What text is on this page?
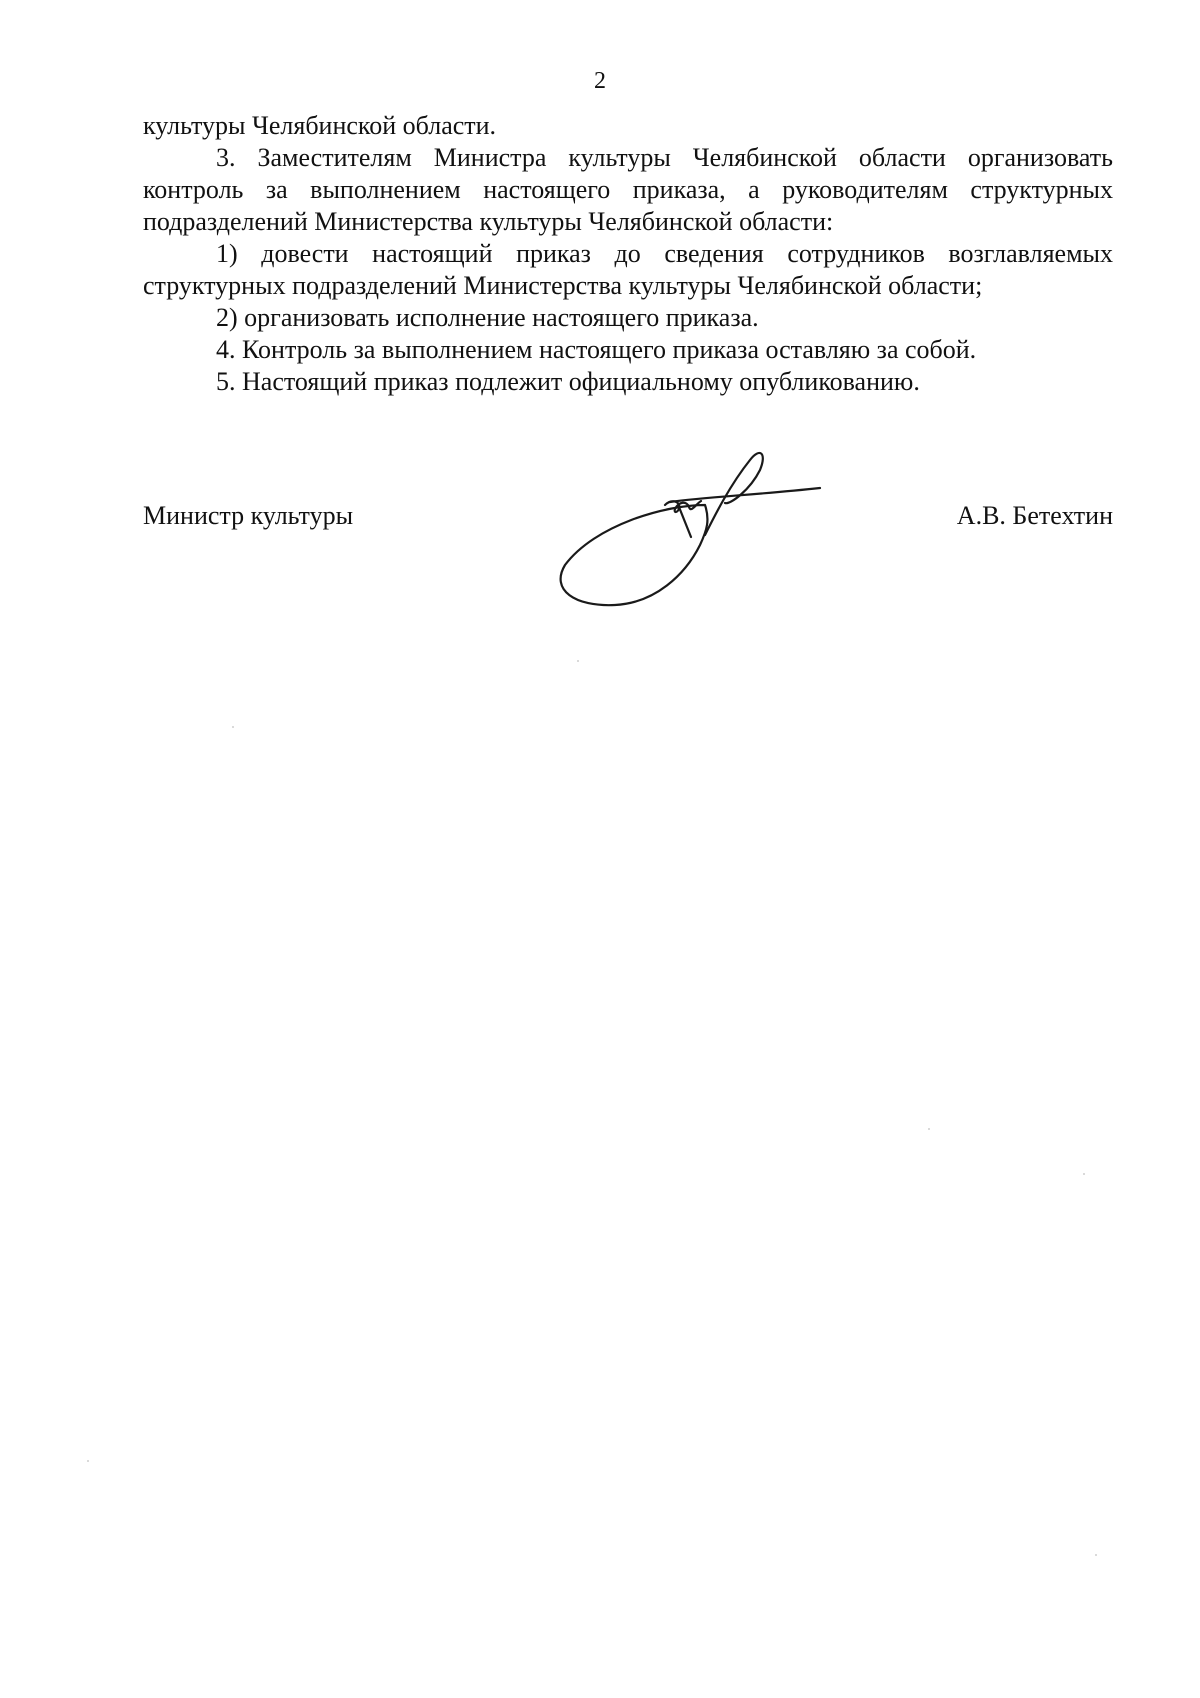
2

культуры Челябинской области.

3. Заместителям Министра культуры Челябинской области организовать контроль за выполнением настоящего приказа, а руководителям структурных подразделений Министерства культуры Челябинской области:

1) довести настоящий приказ до сведения сотрудников возглавляемых структурных подразделений Министерства культуры Челябинской области;

2) организовать исполнение настоящего приказа.

4. Контроль за выполнением настоящего приказа оставляю за собой.

5. Настоящий приказ подлежит официальному опубликованию.

Министр культуры	А.В. Бетехтин
